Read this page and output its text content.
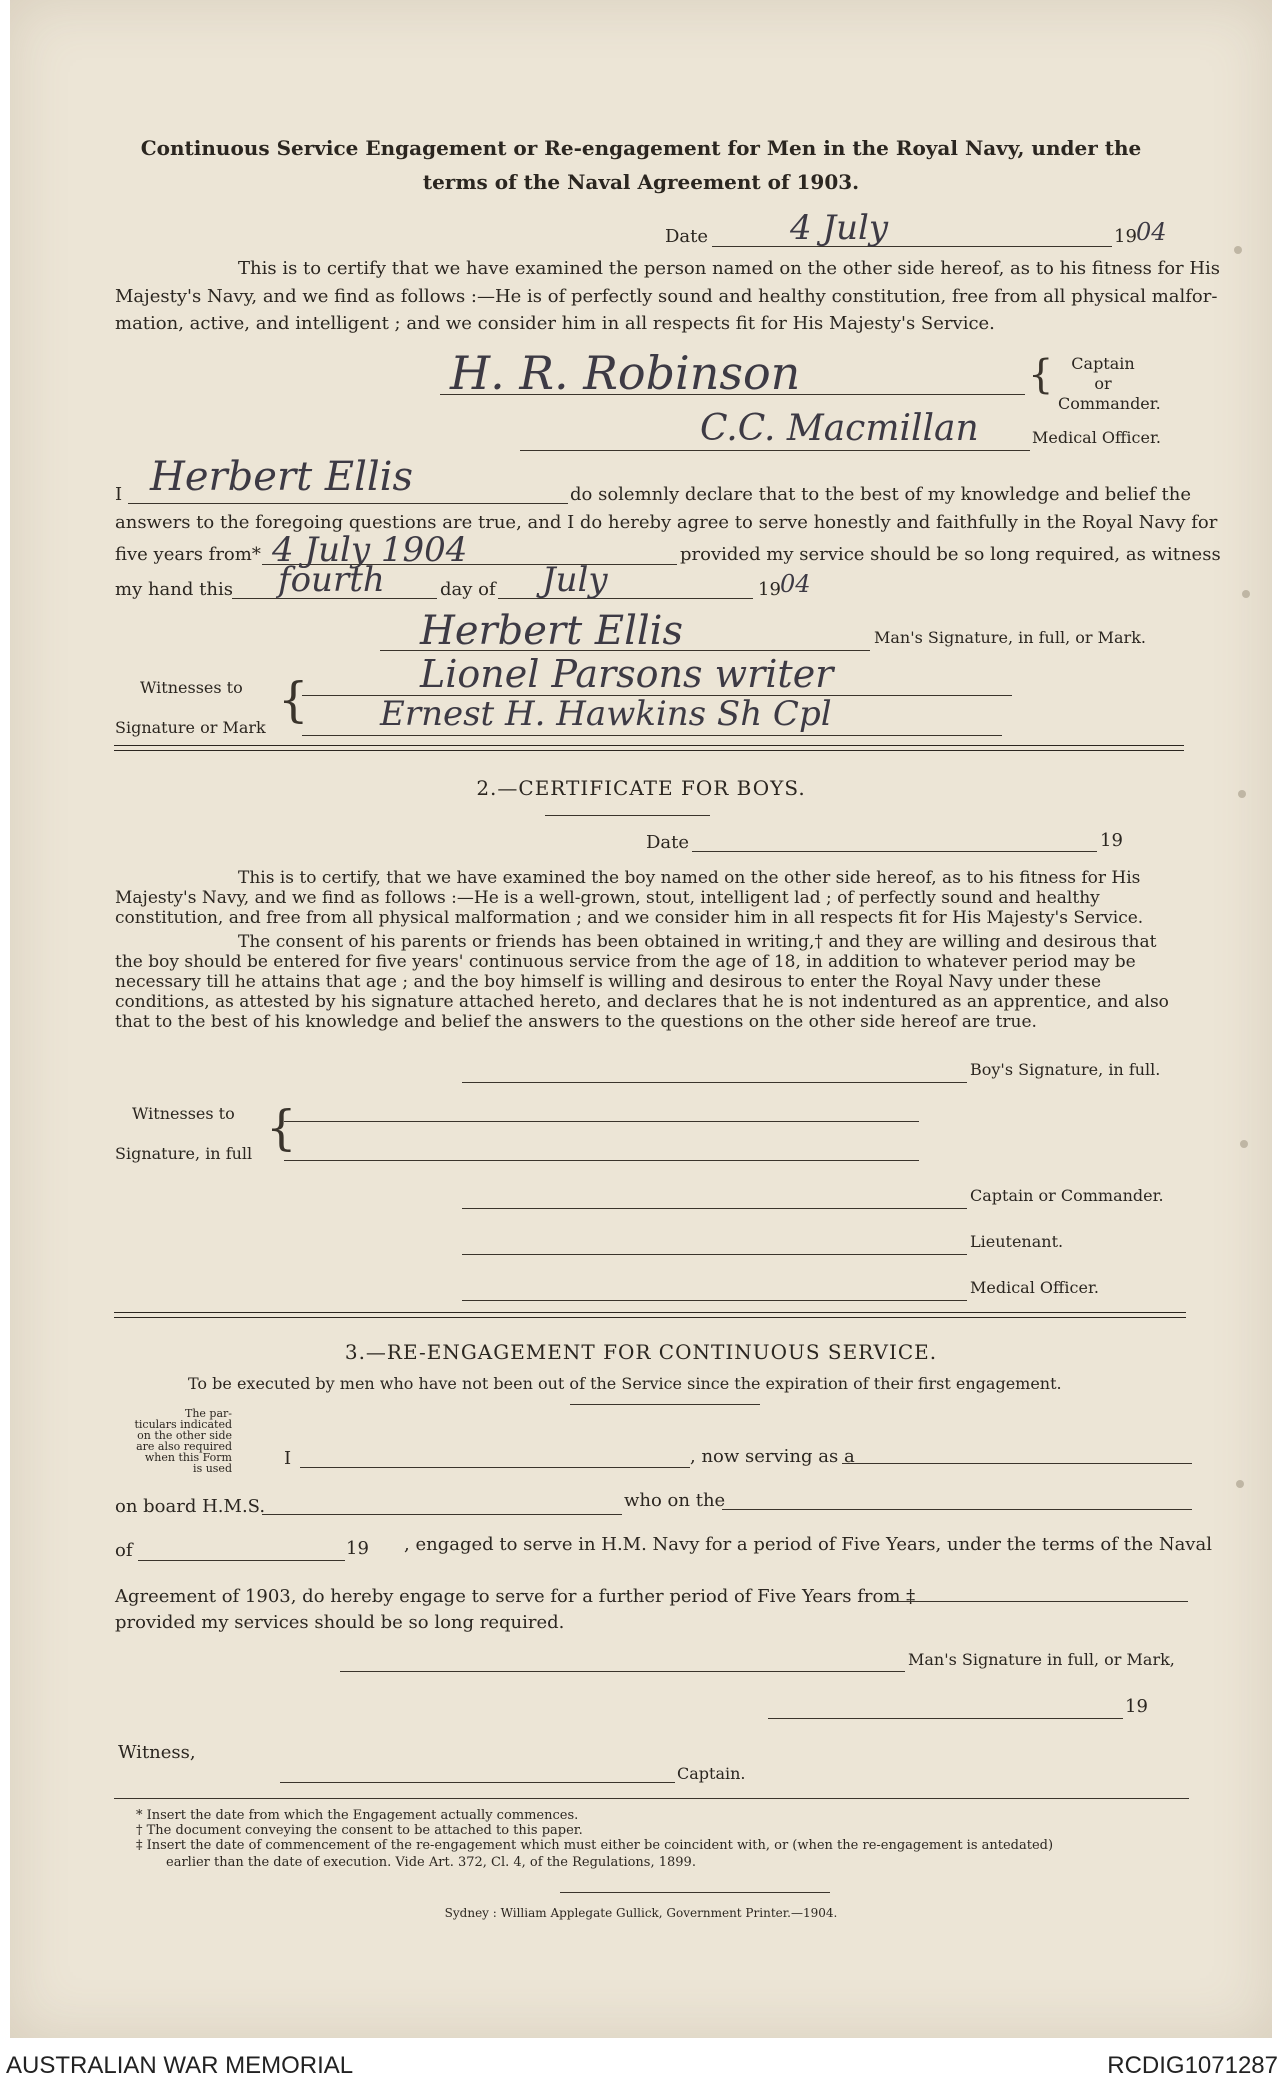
Continuous Service Engagement or Re-engagement for Men in the Royal Navy, under the
terms of the Naval Agreement of 1903.
Date 4 July	19 04
This is to certify that we have examined the person named on the other side hereof, as to his fitness for His
Majesty's Navy, and we find as follows :—He is of perfectly sound and healthy constitution, free from all physical malfor-
mation, active, and intelligent ; and we consider him in all respects fit for His Majesty's Service.
H. R. Robinson	{	Captain
or
Commander.
C.C. Macmillan	Medical Officer.
I Herbert Ellis	do solemnly declare that to the best of my knowledge and belief the
answers to the foregoing questions are true, and I do hereby agree to serve honestly and faithfully in the Royal Navy for
five years from* 4 July 1904	provided my service should be so long required, as witness
my hand this fourth	day of July	19 04
Herbert Ellis	Man's Signature, in full, or Mark.
Witnesses to
Signature or Mark {	Lionel Parsons writer
Ernest H. Hawkins Sh Cpl
2.—CERTIFICATE FOR BOYS.
Date	19
This is to certify, that we have examined the boy named on the other side hereof, as to his fitness for His
Majesty's Navy, and we find as follows :—He is a well-grown, stout, intelligent lad ; of perfectly sound and healthy
constitution, and free from all physical malformation ; and we consider him in all respects fit for His Majesty's Service.
The consent of his parents or friends has been obtained in writing,† and they are willing and desirous that
the boy should be entered for five years' continuous service from the age of 18, in addition to whatever period may be
necessary till he attains that age ; and the boy himself is willing and desirous to enter the Royal Navy under these
conditions, as attested by his signature attached hereto, and declares that he is not indentured as an apprentice, and also
that to the best of his knowledge and belief the answers to the questions on the other side hereof are true.
Boy's Signature, in full.
Witnesses to
Signature, in full {
Captain or Commander.
Lieutenant.
Medical Officer.
3.—RE-ENGAGEMENT FOR CONTINUOUS SERVICE.
To be executed by men who have not been out of the Service since the expiration of their first engagement.
The par-
ticulars indicated
on the other side
are also required
when this Form
is used	I	, now serving as a
on board H.M.S.	who on the
of	19 , engaged to serve in H.M. Navy for a period of Five Years, under the terms of the Naval
Agreement of 1903, do hereby engage to serve for a further period of Five Years from ‡
provided my services should be so long required.
Man's Signature in full, or Mark,
19
Witness,
Captain.
* Insert the date from which the Engagement actually commences.
† The document conveying the consent to be attached to this paper.
‡ Insert the date of commencement of the re-engagement which must either be coincident with, or (when the re-engagement is antedated)
earlier than the date of execution. Vide Art. 372, Cl. 4, of the Regulations, 1899.
Sydney : William Applegate Gullick, Government Printer.—1904.
AUSTRALIAN WAR MEMORIAL	RCDIG1071287
